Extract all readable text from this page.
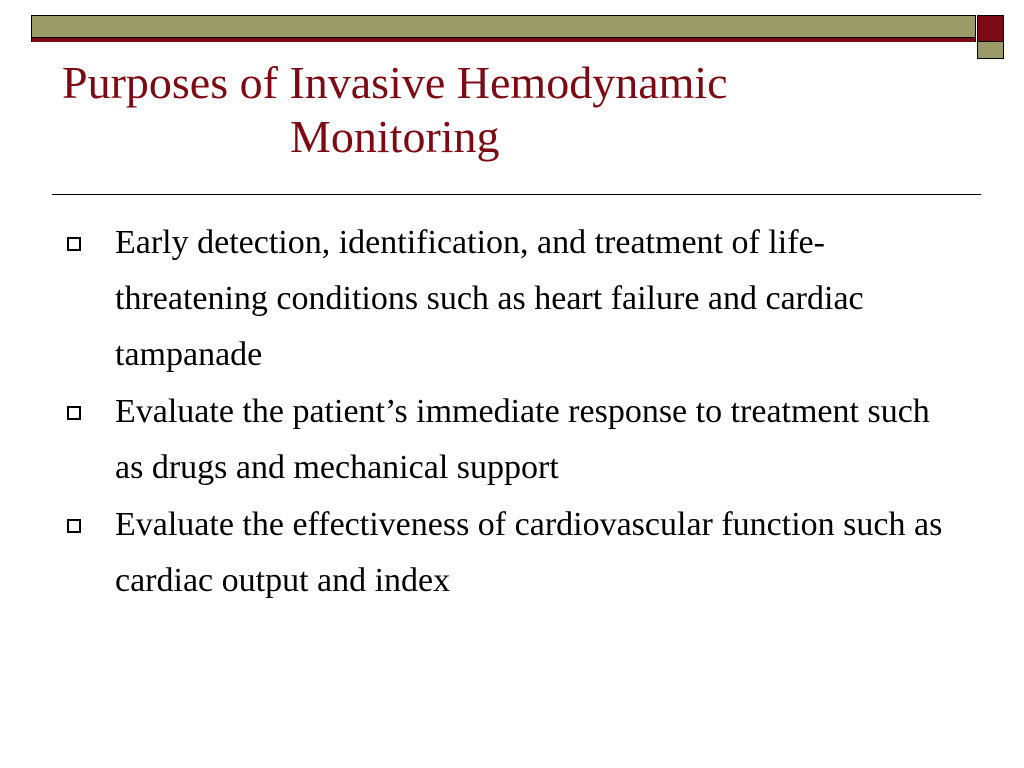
Purposes of Invasive Hemodynamic
Monitoring
Early detection, identification, and treatment of life-threatening conditions such as heart failure and cardiac tampanade
Evaluate the patient’s immediate response to treatment such as drugs and mechanical support
Evaluate the effectiveness of cardiovascular function such as cardiac output and index
